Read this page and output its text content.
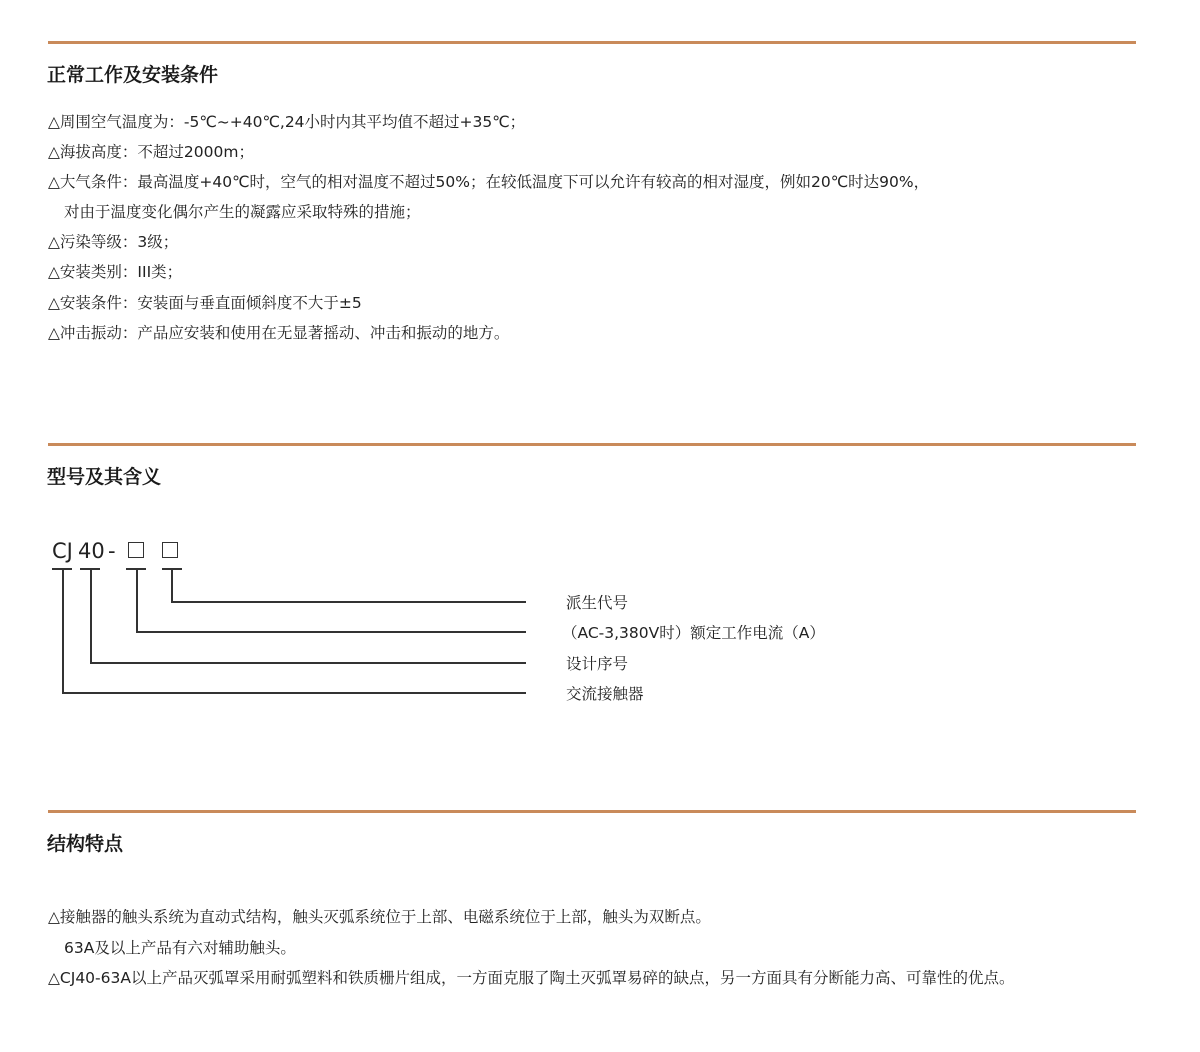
正常工作及安装条件
△周围空气温度为：-5℃~+40℃,24小时内其平均值不超过+35℃；
△海拔高度：不超过2000m；
△大气条件：最高温度+40℃时，空气的相对温度不超过50%；在较低温度下可以允许有较高的相对湿度，例如20℃时达90%，
对由于温度变化偶尔产生的凝露应采取特殊的措施；
△污染等级：3级；
△安装类别：III类；
△安装条件：安装面与垂直面倾斜度不大于±5
△冲击振动：产品应安装和使用在无显著摇动、冲击和振动的地方。
型号及其含义
CJ 40 -
派生代号
（AC-3,380V时）额定工作电流（A）
设计序号
交流接触器
结构特点
△接触器的触头系统为直动式结构，触头灭弧系统位于上部、电磁系统位于上部，触头为双断点。
63A及以上产品有六对辅助触头。
△CJ40-63A以上产品灭弧罩采用耐弧塑料和铁质栅片组成，一方面克服了陶土灭弧罩易碎的缺点，另一方面具有分断能力高、可靠性的优点。
